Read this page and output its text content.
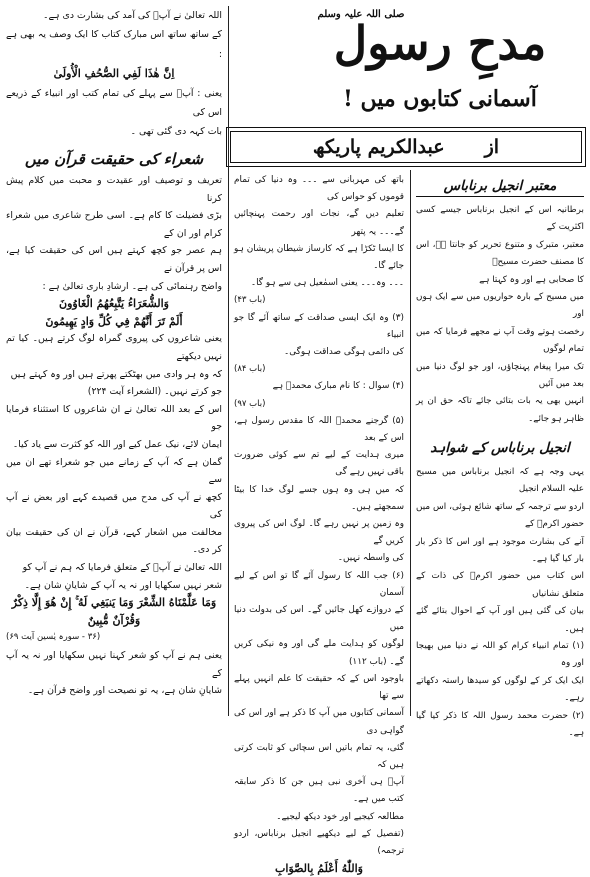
مدحِ رسول
صلی اللہ علیہ وسلم
آسمانی کتابوں میں !
از
عبدالکریم پاریکھ

اللہ تعالیٰ نے آپؐ کی آمد کی بشارت دی ہے۔

کے ساتھ ساتھ اس مبارک کتاب کا ایک وصف یہ بھی ہے :

اِنَّ هٰذَا لَفِي الصُّحُفِ الْأُولَىٰ

یعنی : آپؐ سے پہلے کی تمام کتب اور انبیاء کے ذریعے اس کی

بات کہہ دی گئی تھی ۔

شعراء کی حقیقت قرآن میں

تعریف و توصیف اور عقیدت و محبت میں کلام پیش کرنا

بڑی فضیلت کا کام ہے۔ اسی طرح شاعری میں شعراء کرام اور ان کے

ہم عصر جو کچھ کہتے ہیں اس کی حقیقت کیا ہے، اس پر قرآن نے

واضح رہنمائی کی ہے۔ ارشادِ باری تعالیٰ ہے :

وَالشُّعَرَاءُ يَتَّبِعُهُمُ الْغَاوُونَ

أَلَمْ تَرَ أَنَّهُمْ فِي كُلِّ وَادٍ يَهِيمُونَ

یعنی شاعروں کی پیروی گمراہ لوگ کرتے ہیں۔ کیا تم نہیں دیکھتے

کہ وہ ہر وادی میں بھٹکتے پھرتے ہیں اور وہ کہتے ہیں

جو کرتے نہیں۔ (الشعراء آیت ۲۲۴)

اس کے بعد اللہ تعالیٰ نے ان شاعروں کا استثناء فرمایا جو

ایمان لائے، نیک عمل کیے اور اللہ کو کثرت سے یاد کیا۔

گمان ہے کہ آپ کے زمانے میں جو شعراء تھے ان میں سے

کچھ نے آپ کی مدح میں قصیدے کہے اور بعض نے آپ کی

مخالفت میں اشعار کہے، قرآن نے ان کی حقیقت بیان کر دی۔

اللہ تعالیٰ نے آپؐ کے متعلق فرمایا کہ ہم نے آپ کو

شعر نہیں سکھایا اور نہ یہ آپ کے شایانِ شان ہے۔

وَمَا عَلَّمْنَاهُ الشِّعْرَ وَمَا يَنبَغِي لَهُ ۚ إِنْ هُوَ إِلَّا ذِكْرٌ وَقُرْآنٌ مُّبِينٌ

(۳۶ - سورہ یٰسین آیت ۶۹)

یعنی ہم نے آپ کو شعر کہنا نہیں سکھایا اور نہ یہ آپ کے

شایانِ شان ہے، یہ تو نصیحت اور واضح قرآن ہے۔

باتھ کی مہربانی سے ۔۔۔ وہ دنیا کی تمام قوموں کو حواس کی

تعلیم دیں گے، نجات اور رحمت پہنچائیں گے۔۔۔ یہ پتھر

کا ایسا ٹکڑا ہے کہ کارساز شیطان پریشان ہو جائے گا۔

۔۔۔ وہ۔۔۔ یعنی اسمٰعیل ہی سے ہو گا۔

(باب ۴۳)

(۳) وہ ایک ایسی صداقت کے ساتھ آئے گا جو انبیاء

کی دائمی ہوگی صداقت ہوگی۔

(باب ۸۴)

(۴) سوال : کا نام مبارک محمدؐ ہے

(باب ۹۷)

(۵) گرجنے محمدؐ اللہ کا مقدس رسول ہے، اس کے بعد

میری ہدایت کے لیے تم سے کوئی ضرورت باقی نہیں رہے گی

کہ میں ہی وہ ہوں جسے لوگ خدا کا بیٹا سمجھتے ہیں۔

وہ زمین پر نہیں رہے گا۔ لوگ اس کی پیروی کریں گے

کی واسطہ نہیں۔

(۶) جب اللہ کا رسول آئے گا تو اس کے لیے آسمان

کے دروازے کھل جائیں گے۔ اس کی بدولت دنیا میں

لوگوں کو ہدایت ملے گی اور وہ نیکی کریں گے۔ (باب ۱۱۲)

باوجود اس کے کہ حقیقت کا علم انہیں پہلے سے تھا

آسمانی کتابوں میں آپ کا ذکر ہے اور اس کی گواہی دی

گئی، یہ تمام باتیں اس سچائی کو ثابت کرتی ہیں کہ

آپؐ ہی آخری نبی ہیں جن کا ذکر سابقہ کتب میں ہے۔

مطالعہ کیجیے اور خود دیکھ لیجیے۔

(تفصیل کے لیے دیکھیے انجیل برناباس، اردو ترجمہ)

وَاللّٰهُ أَعْلَمُ بِالصَّوَابِ

معتبر انجیل برناباس

برطانیہ اس کے انجیل برناباس جیسے کسی اکثریت کے

معتبر، متبرک و متنوع تحریر کو جانتا ہے، اس کا مصنف حضرت مسیحؑ

کا صحابی ہے اور وہ کہتا ہے

میں مسیح کے بارہ حواریوں میں سے ایک ہوں اور

رخصت ہوتے وقت آپ نے مجھے فرمایا کہ میں تمام لوگوں

تک میرا پیغام پہنچاؤں، اور جو لوگ دنیا میں بعد میں آئیں

انہیں بھی یہ بات بتائی جائے تاکہ حق ان پر ظاہر ہو جائے۔

انجیل برناباس کے شواہد

یہی وجہ ہے کہ انجیل برناباس میں مسیح علیہ السلام انجیل

اردو سے ترجمہ کے ساتھ شائع ہوئی، اس میں حضور اکرمؐ کے

آنے کی بشارت موجود ہے اور اس کا ذکر بار بار کیا گیا ہے۔

اس کتاب میں حضور اکرمؐ کی ذات کے متعلق نشانیاں

بیان کی گئی ہیں اور آپ کے احوال بتائے گئے ہیں۔

(۱) تمام انبیاء کرام کو اللہ نے دنیا میں بھیجا اور وہ

ایک ایک کر کے لوگوں کو سیدھا راستہ دکھاتے رہے۔

(۲) حضرت محمد رسول اللہ کا ذکر کیا گیا ہے۔
